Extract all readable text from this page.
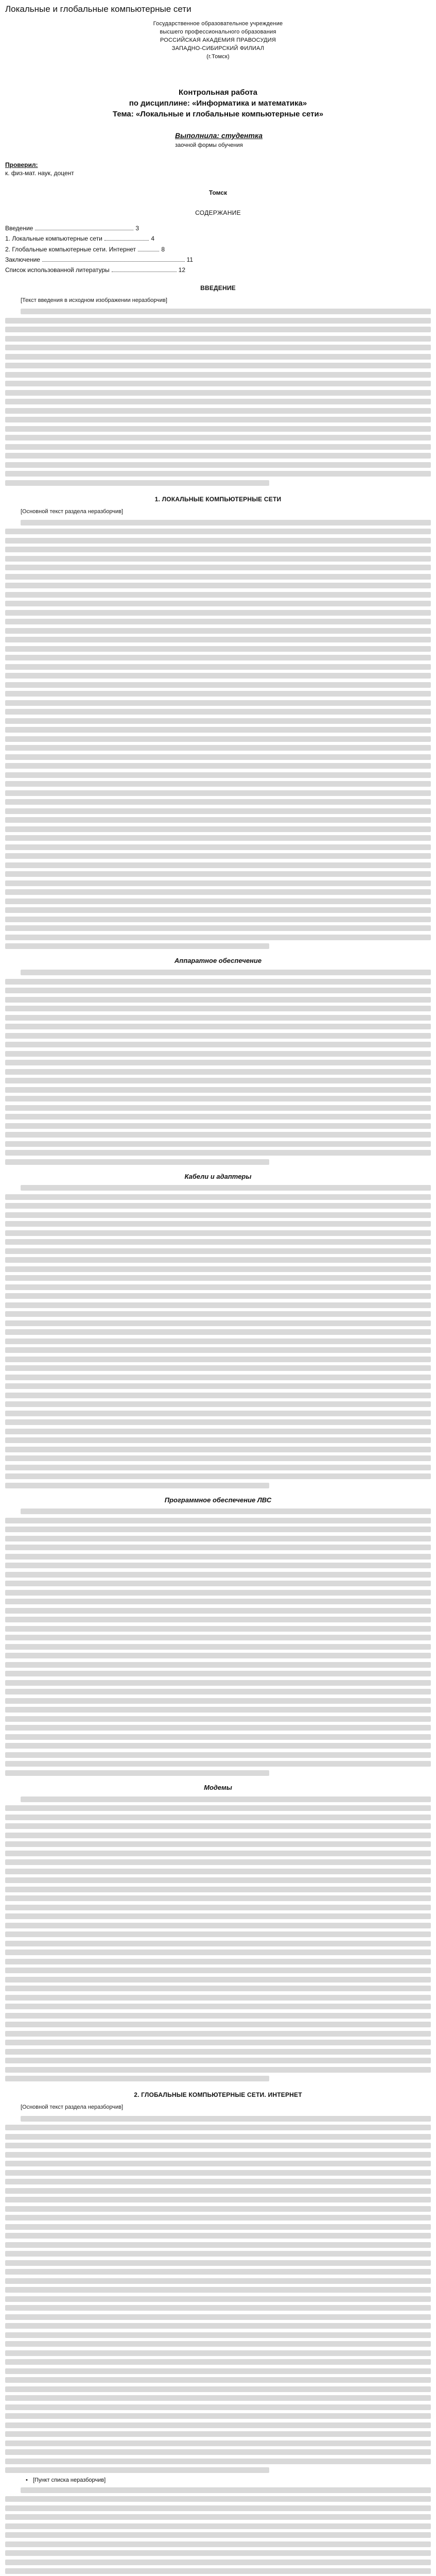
Локальные и глобальные компьютерные сети

Государственное образовательное учреждение

высшего профессионального образования

РОССИЙСКАЯ АКАДЕМИЯ ПРАВОСУДИЯ

ЗАПАДНО-СИБИРСКИЙ ФИЛИАЛ

(г.Томск)

Контрольная работа
по дисциплине: «Информатика и математика»
Тема: «Локальные и глобальные компьютерные сети»

Выполнила: студентка

заочной формы обучения

Проверил:
к. физ-мат. наук, доцент
Томск
СОДЕРЖАНИЕ
Введение	3
1. Локальные компьютерные сети	4
2. Глобальные компьютерные сети. Интернет	8
Заключение	11
Список использованной литературы	12
ВВЕДЕНИЕ

[Текст введения в исходном изображении неразборчив]

1. ЛОКАЛЬНЫЕ КОМПЬЮТЕРНЫЕ СЕТИ

[Основной текст раздела неразборчив]

Аппаратное обеспечение
Кабели и адаптеры
Программное обеспечение ЛВС
Модемы
2. ГЛОБАЛЬНЫЕ КОМПЬЮТЕРНЫЕ СЕТИ. ИНТЕРНЕТ

[Основной текст раздела неразборчив]

• [Пункт списка неразборчив]
